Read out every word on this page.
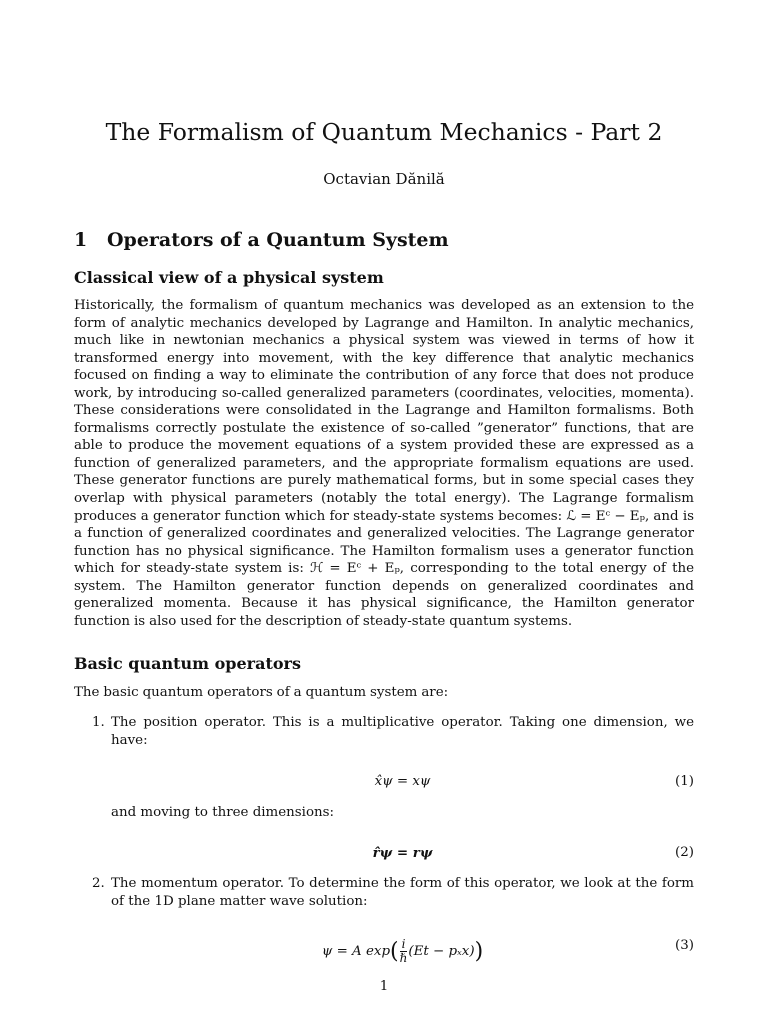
The Formalism of Quantum Mechanics - Part 2
Octavian Dănilă
1 Operators of a Quantum System
Classical view of a physical system

Historically, the formalism of quantum mechanics was developed as an extension to the form of analytic mechanics developed by Lagrange and Hamilton. In analytic mechanics, much like in newtonian mechanics a physical system was viewed in terms of how it transformed energy into movement, with the key difference that analytic mechanics focused on finding a way to eliminate the contribution of any force that does not produce work, by introducing so-called generalized parameters (coordinates, velocities, momenta). These considerations were consolidated in the Lagrange and Hamilton formalisms. Both formalisms correctly postulate the existence of so-called ”generator” functions, that are able to produce the movement equations of a system provided these are expressed as a function of generalized parameters, and the appropriate formalism equations are used. These generator functions are purely mathematical forms, but in some special cases they overlap with physical parameters (notably the total energy). The Lagrange formalism produces a generator function which for steady-state systems becomes: ℒ = Eᶜ − Eₚ, and is a function of generalized coordinates and generalized velocities. The Lagrange generator function has no physical significance. The Hamilton formalism uses a generator function which for steady-state system is: ℋ = Eᶜ + Eₚ, corresponding to the total energy of the system. The Hamilton generator function depends on generalized coordinates and generalized momenta. Because it has physical significance, the Hamilton generator function is also used for the description of steady-state quantum systems.

Basic quantum operators

The basic quantum operators of a quantum system are:

1. The position operator. This is a multiplicative operator. Taking one dimension, we have:
x̂ψ = xψ	(1)
and moving to three dimensions:
r̂ψ = rψ	(2)
2. The momentum operator. To determine the form of this operator, we look at the form of the 1D plane matter wave solution:
ψ = A $\exp( \frac{i}{\text{ℏ}} (Et - p_xx))$	(3)
1
